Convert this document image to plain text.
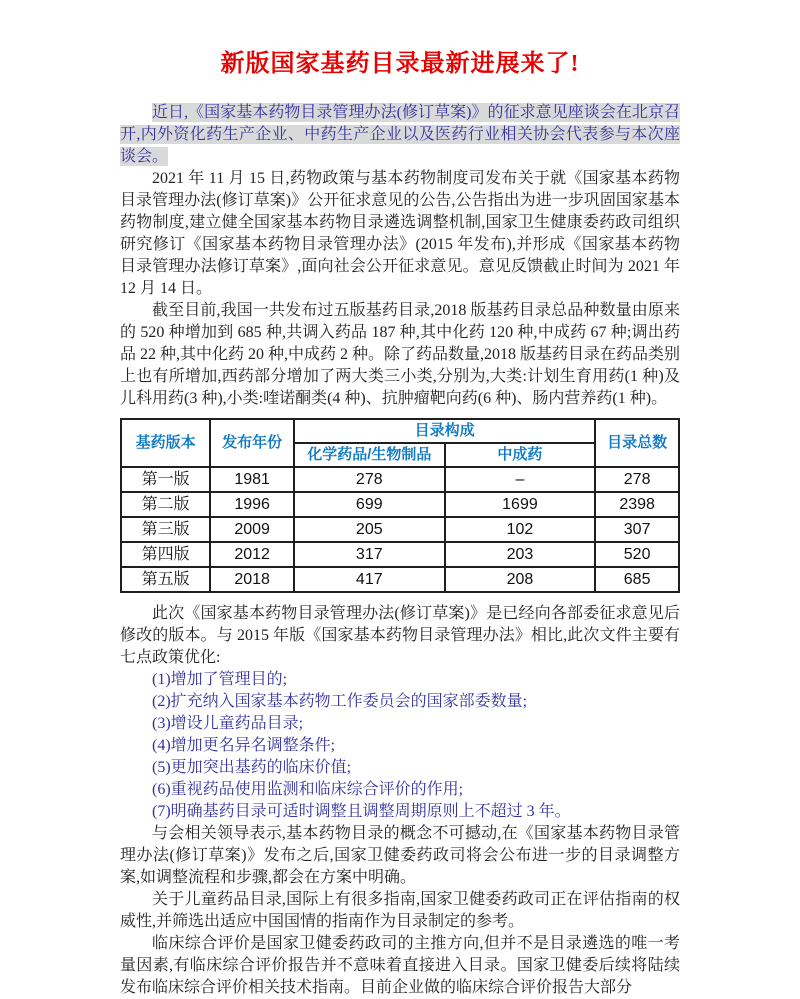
新版国家基药目录最新进展来了!

近日,《国家基本药物目录管理办法(修订草案)》的征求意见座谈会在北京召开,内外资化药生产企业、中药生产企业以及医药行业相关协会代表参与本次座谈会。

2021 年 11 月 15 日,药物政策与基本药物制度司发布关于就《国家基本药物目录管理办法(修订草案)》公开征求意见的公告,公告指出为进一步巩固国家基本药物制度,建立健全国家基本药物目录遴选调整机制,国家卫生健康委药政司组织研究修订《国家基本药物目录管理办法》(2015 年发布),并形成《国家基本药物目录管理办法修订草案》,面向社会公开征求意见。意见反馈截止时间为 2021 年 12 月 14 日。

截至目前,我国一共发布过五版基药目录,2018 版基药目录总品种数量由原来的 520 种增加到 685 种,共调入药品 187 种,其中化药 120 种,中成药 67 种;调出药品 22 种,其中化药 20 种,中成药 2 种。除了药品数量,2018 版基药目录在药品类别上也有所增加,西药部分增加了两大类三小类,分别为,大类:计划生育用药(1 种)及儿科用药(3 种),小类:喹诺酮类(4 种)、抗肿瘤靶向药(6 种)、肠内营养药(1 种)。

基药版本	发布年份	目录构成		目录总数
		化学药品/生物制品	中成药	
第一版	1981	278	–	278
第二版	1996	699	1699	2398
第三版	2009	205	102	307
第四版	2012	317	203	520
第五版	2018	417	208	685

此次《国家基本药物目录管理办法(修订草案)》是已经向各部委征求意见后修改的版本。与 2015 年版《国家基本药物目录管理办法》相比,此次文件主要有七点政策优化:

(1)增加了管理目的;

(2)扩充纳入国家基本药物工作委员会的国家部委数量;

(3)增设儿童药品目录;

(4)增加更名异名调整条件;

(5)更加突出基药的临床价值;

(6)重视药品使用监测和临床综合评价的作用;

(7)明确基药目录可适时调整且调整周期原则上不超过 3 年。

与会相关领导表示,基本药物目录的概念不可撼动,在《国家基本药物目录管理办法(修订草案)》发布之后,国家卫健委药政司将会公布进一步的目录调整方案,如调整流程和步骤,都会在方案中明确。

关于儿童药品目录,国际上有很多指南,国家卫健委药政司正在评估指南的权威性,并筛选出适应中国国情的指南作为目录制定的参考。

临床综合评价是国家卫健委药政司的主推方向,但并不是目录遴选的唯一考量因素,有临床综合评价报告并不意味着直接进入目录。国家卫健委后续将陆续发布临床综合评价相关技术指南。目前企业做的临床综合评价报告大部分
